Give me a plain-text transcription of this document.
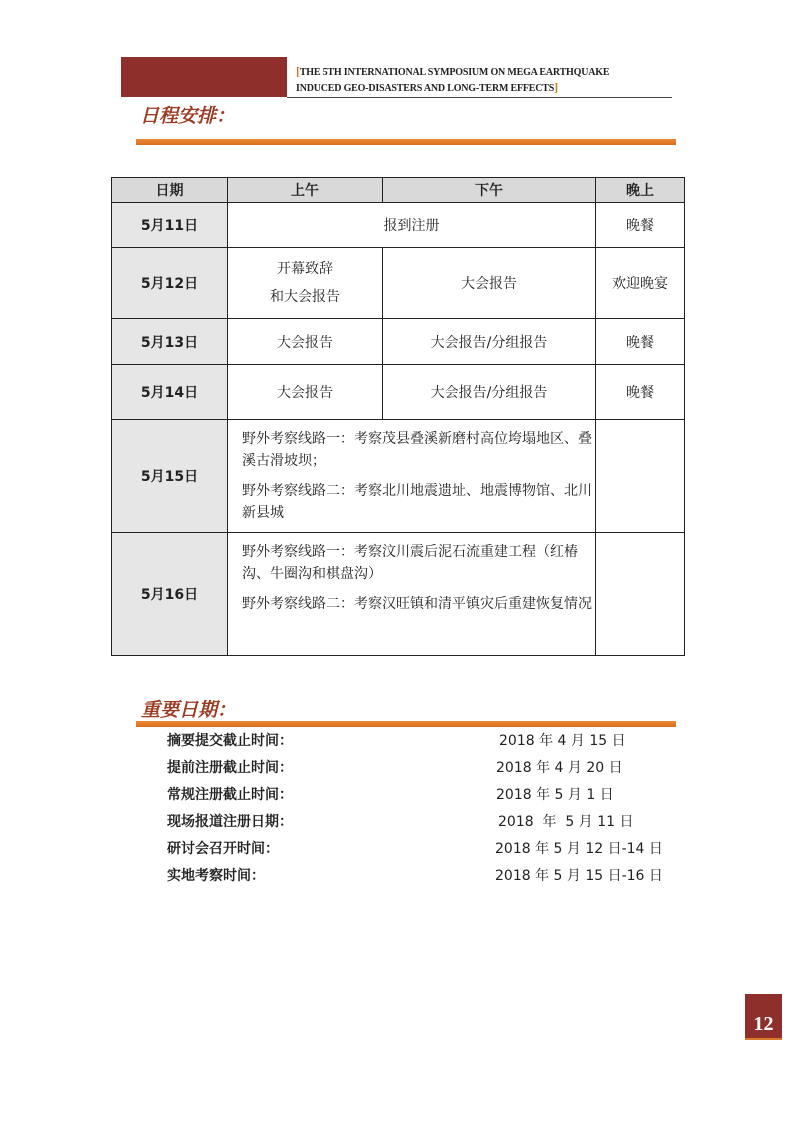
[THE 5TH INTERNATIONAL SYMPOSIUM ON MEGA EARTHQUAKE
INDUCED GEO-DISASTERS AND LONG-TERM EFFECTS]
日程安排：
日期	上午	下午	晚上
5月11日	报到注册		晚餐
5月12日	开幕致辞
和大会报告	大会报告	欢迎晚宴
5月13日	大会报告	大会报告/分组报告	晚餐
5月14日	大会报告	大会报告/分组报告	晚餐
5月15日	野外考察线路一：考察茂县叠溪新磨村高位垮塌地区、叠溪古滑坡坝；

野外考察线路二：考察北川地震遗址、地震博物馆、北川新县城		

5月16日	野外考察线路一：考察汶川震后泥石流重建工程（红椿沟、牛圈沟和棋盘沟）

野外考察线路二：考察汉旺镇和清平镇灾后重建恢复情况		

重要日期：
摘要提交截止时间：	2018 年 4 月 15 日
提前注册截止时间：	2018 年 4 月 20 日
常规注册截止时间：	2018 年 5 月 1 日
现场报道注册日期：	2018  年  5 月 11 日
研讨会召开时间：	2018 年 5 月 12 日-14 日
实地考察时间：	2018 年 5 月 15 日-16 日
12
